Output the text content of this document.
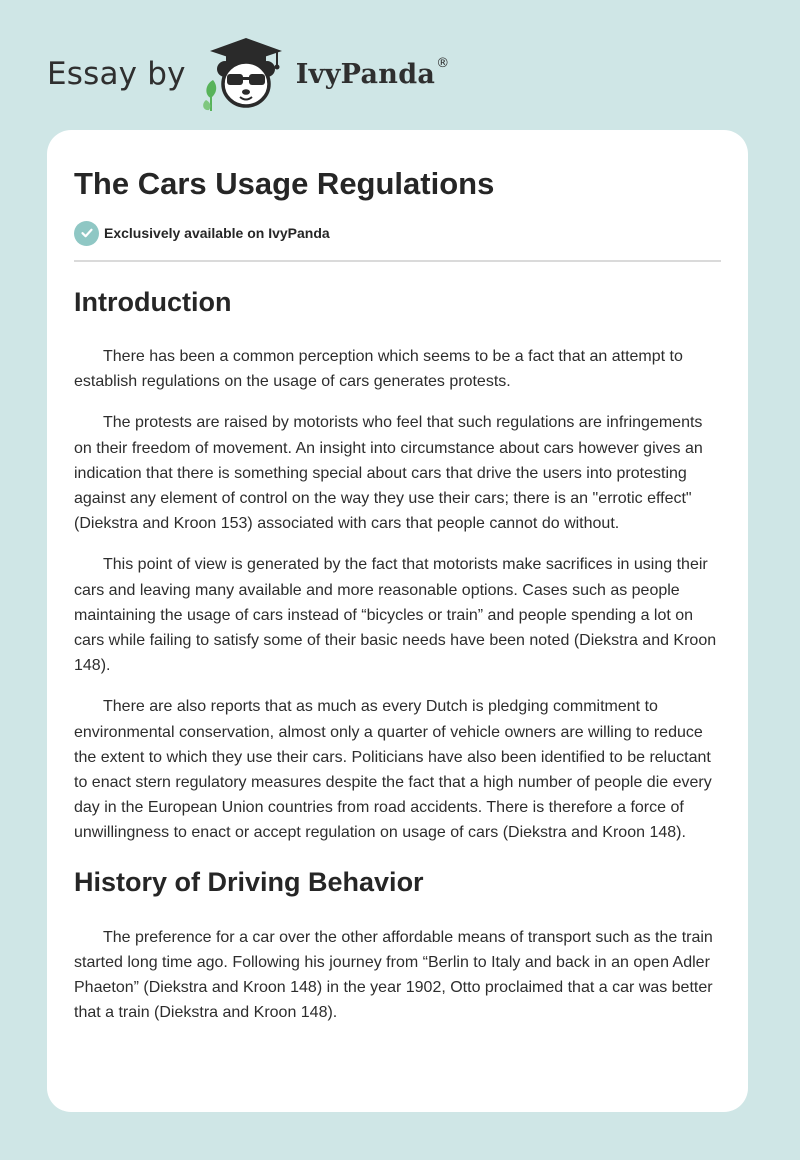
Essay by	IvyPanda ®
The Cars Usage Regulations
Exclusively available on IvyPanda
Introduction

There has been a common perception which seems to be a fact that an attempt to establish regulations on the usage of cars generates protests.

The protests are raised by motorists who feel that such regulations are infringements on their freedom of movement. An insight into circumstance about cars however gives an indication that there is something special about cars that drive the users into protesting against any element of control on the way they use their cars; there is an "errotic effect" (Diekstra and Kroon 153) associated with cars that people cannot do without.

This point of view is generated by the fact that motorists make sacrifices in using their cars and leaving many available and more reasonable options. Cases such as people maintaining the usage of cars instead of “bicycles or train” and people spending a lot on cars while failing to satisfy some of their basic needs have been noted (Diekstra and Kroon 148).

There are also reports that as much as every Dutch is pledging commitment to environmental conservation, almost only a quarter of vehicle owners are willing to reduce the extent to which they use their cars. Politicians have also been identified to be reluctant to enact stern regulatory measures despite the fact that a high number of people die every day in the European Union countries from road accidents. There is therefore a force of unwillingness to enact or accept regulation on usage of cars (Diekstra and Kroon 148).

History of Driving Behavior

The preference for a car over the other affordable means of transport such as the train started long time ago. Following his journey from “Berlin to Italy and back in an open Adler Phaeton” (Diekstra and Kroon 148) in the year 1902, Otto proclaimed that a car was better that a train (Diekstra and Kroon 148).
